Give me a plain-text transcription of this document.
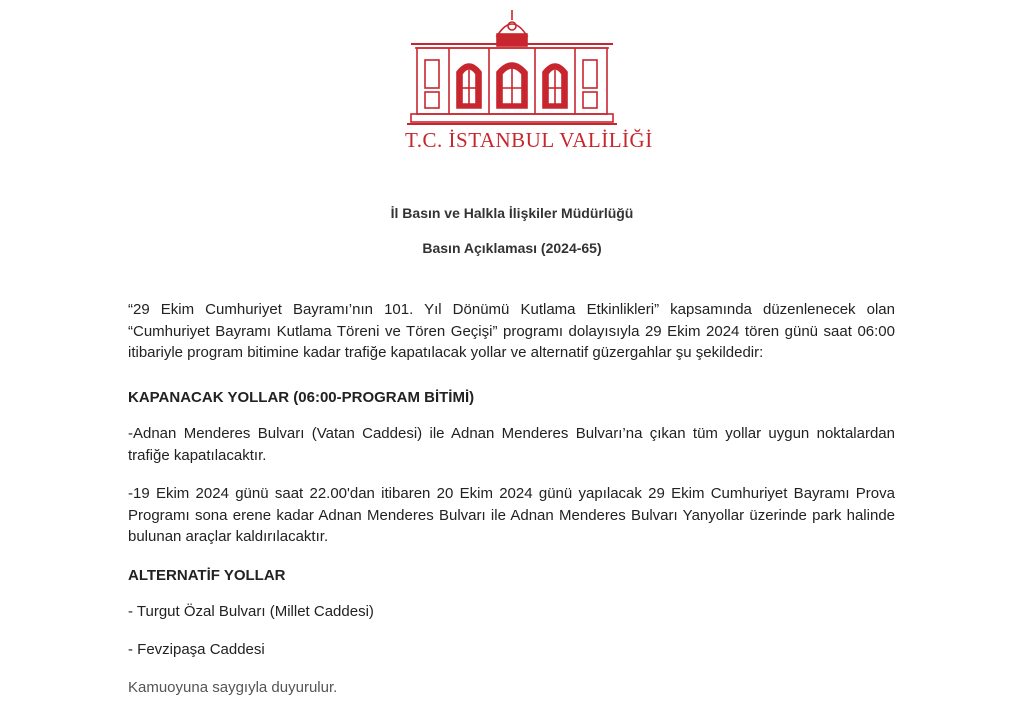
T.C. İSTANBUL VALİLİĞİ
İl Basın ve Halkla İlişkiler Müdürlüğü
Basın Açıklaması (2024-65)

“29 Ekim Cumhuriyet Bayramı’nın 101. Yıl Dönümü Kutlama Etkinlikleri” kapsamında düzenlenecek olan “Cumhuriyet Bayramı Kutlama Töreni ve Tören Geçişi” programı dolayısıyla 29 Ekim 2024 tören günü saat 06:00 itibariyle program bitimine kadar trafiğe kapatılacak yollar ve alternatif güzergahlar şu şekildedir:

KAPANACAK YOLLAR (06:00-PROGRAM BİTİMİ)

-Adnan Menderes Bulvarı (Vatan Caddesi) ile Adnan Menderes Bulvarı’na çıkan tüm yollar uygun noktalardan trafiğe kapatılacaktır.

-19 Ekim 2024 günü saat 22.00'dan itibaren 20 Ekim 2024 günü yapılacak 29 Ekim Cumhuriyet Bayramı Prova Programı sona erene kadar Adnan Menderes Bulvarı ile Adnan Menderes Bulvarı Yanyollar üzerinde park halinde bulunan araçlar kaldırılacaktır.

ALTERNATİF YOLLAR
- Turgut Özal Bulvarı (Millet Caddesi)
- Fevzipaşa Caddesi
Kamuoyuna saygıyla duyurulur.
